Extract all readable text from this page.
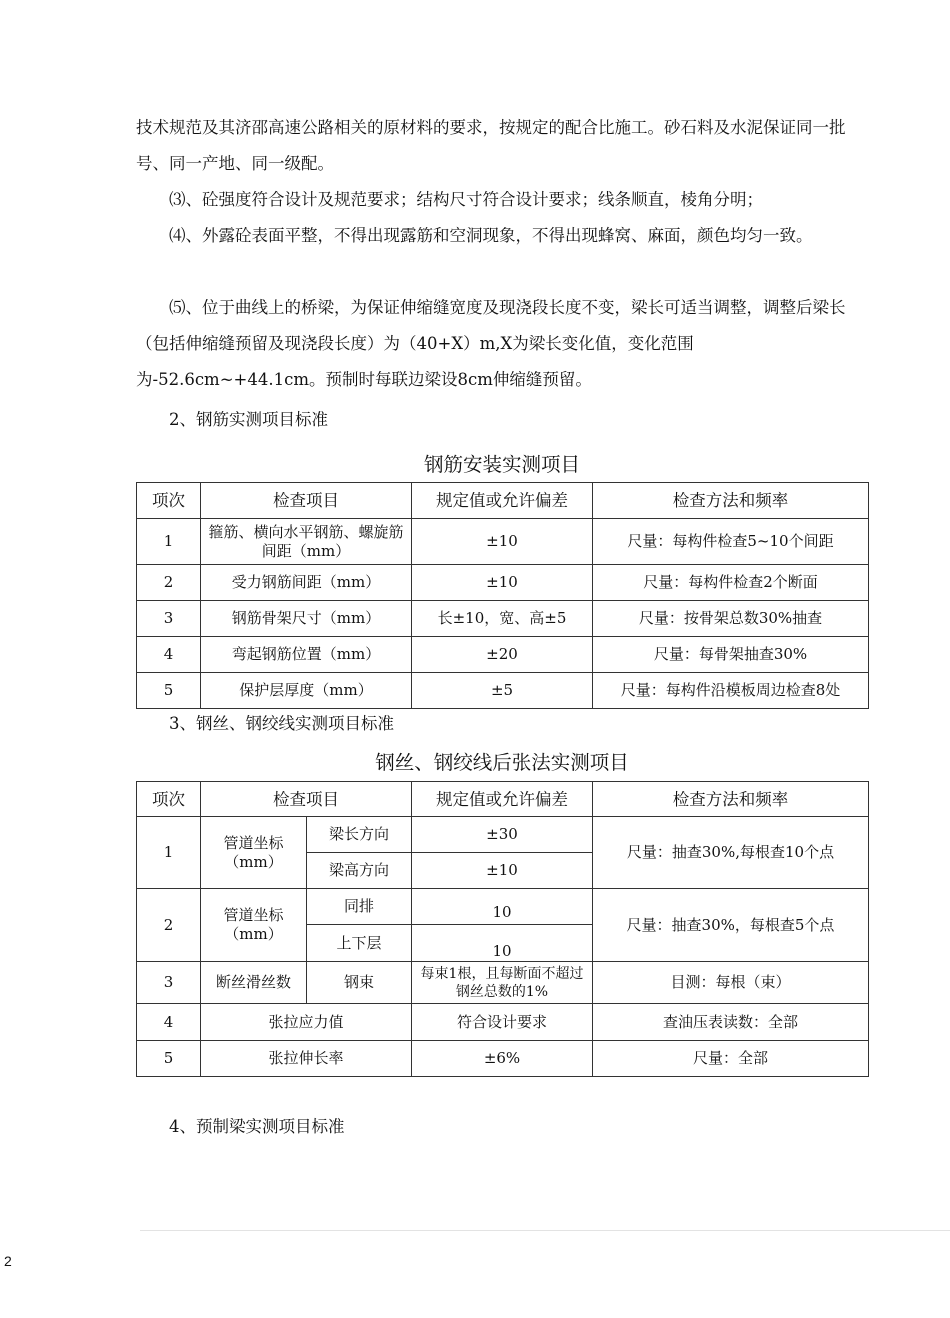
技术规范及其济邵高速公路相关的原材料的要求，按规定的配合比施工。砂石料及水泥保证同一批号、同一产地、同一级配。

⑶、砼强度符合设计及规范要求；结构尺寸符合设计要求；线条顺直，棱角分明；

⑷、外露砼表面平整，不得出现露筋和空洞现象，不得出现蜂窝、麻面，颜色均匀一致。

⑸、位于曲线上的桥梁，为保证伸缩缝宽度及现浇段长度不变，梁长可适当调整，调整后梁长（包括伸缩缝预留及现浇段长度）为（40+X）m,X为梁长变化值，变化范围为-52.6cm~+44.1cm。预制时每联边梁设8cm伸缩缝预留。

2、钢筋实测项目标准

钢筋安装实测项目

项次	检查项目	规定值或允许偏差	检查方法和频率
1	箍筋、横向水平钢筋、螺旋筋间距（mm）	±10	尺量：每构件检查5~10个间距
2	受力钢筋间距（mm）	±10	尺量：每构件检查2个断面
3	钢筋骨架尺寸（mm）	长±10，宽、高±5	尺量：按骨架总数30%抽查
4	弯起钢筋位置（mm）	±20	尺量：每骨架抽查30%
5	保护层厚度（mm）	±5	尺量：每构件沿模板周边检查8处

3、钢丝、钢绞线实测项目标准

钢丝、钢绞线后张法实测项目

项次	检查项目		规定值或允许偏差	检查方法和频率
1	管道坐标（mm）	梁长方向	±30	尺量：抽查30%,每根查10个点
		梁高方向	±10	
2	管道坐标（mm）	同排	10	尺量：抽查30%，每根查5个点
		上下层	10	
3	断丝滑丝数	钢束	每束1根，且每断面不超过钢丝总数的1%	目测：每根（束）
4	张拉应力值		符合设计要求	查油压表读数：全部
5	张拉伸长率		±6%	尺量：全部

4、预制梁实测项目标准

2
